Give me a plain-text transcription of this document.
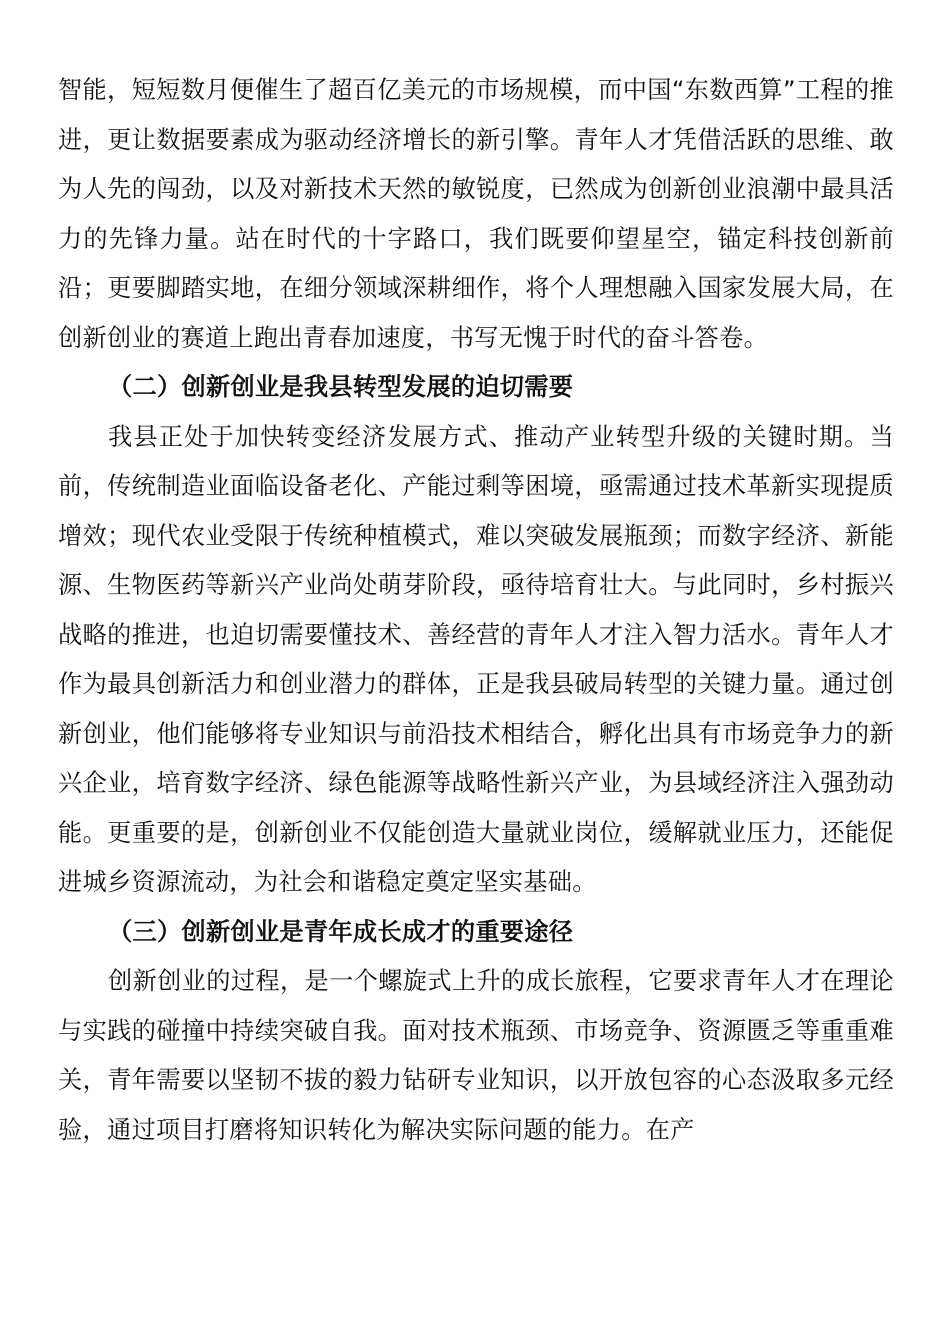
智能，短短数月便催生了超百亿美元的市场规模，而中国“东数西算”工程的推进，更让数据要素成为驱动经济增长的新引擎。青年人才凭借活跃的思维、敢为人先的闯劲，以及对新技术天然的敏锐度，已然成为创新创业浪潮中最具活力的先锋力量。站在时代的十字路口，我们既要仰望星空，锚定科技创新前沿；更要脚踏实地，在细分领域深耕细作，将个人理想融入国家发展大局，在创新创业的赛道上跑出青春加速度，书写无愧于时代的奋斗答卷。

（二）创新创业是我县转型发展的迫切需要

我县正处于加快转变经济发展方式、推动产业转型升级的关键时期。当前，传统制造业面临设备老化、产能过剩等困境，亟需通过技术革新实现提质增效；现代农业受限于传统种植模式，难以突破发展瓶颈；而数字经济、新能源、生物医药等新兴产业尚处萌芽阶段，亟待培育壮大。与此同时，乡村振兴战略的推进，也迫切需要懂技术、善经营的青年人才注入智力活水。青年人才作为最具创新活力和创业潜力的群体，正是我县破局转型的关键力量。通过创新创业，他们能够将专业知识与前沿技术相结合，孵化出具有市场竞争力的新兴企业，培育数字经济、绿色能源等战略性新兴产业，为县域经济注入强劲动能。更重要的是，创新创业不仅能创造大量就业岗位，缓解就业压力，还能促进城乡资源流动，为社会和谐稳定奠定坚实基础。

（三）创新创业是青年成长成才的重要途径

创新创业的过程，是一个螺旋式上升的成长旅程，它要求青年人才在理论与实践的碰撞中持续突破自我。面对技术瓶颈、市场竞争、资源匮乏等重重难关，青年需要以坚韧不拔的毅力钻研专业知识，以开放包容的心态汲取多元经验，通过项目打磨将知识转化为解决实际问题的能力。在产
